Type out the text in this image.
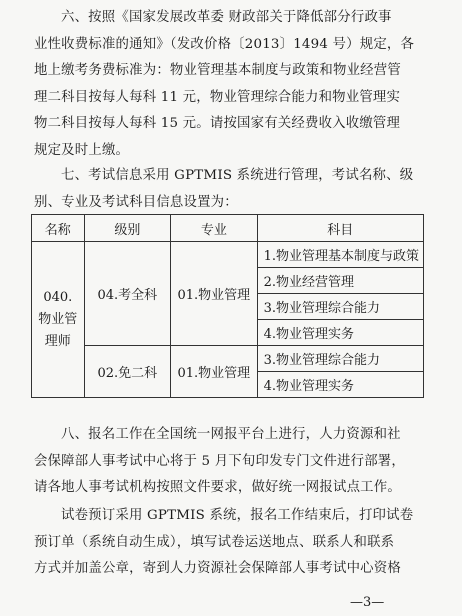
六、按照《国家发展改革委 财政部关于降低部分行政事
业性收费标准的通知》（发改价格〔2013〕1494 号）规定，各
地上缴考务费标准为：物业管理基本制度与政策和物业经营管
理二科目按每人每科 11 元，物业管理综合能力和物业管理实
物二科目按每人每科 15 元。请按国家有关经费收入收缴管理
规定及时上缴。
七、考试信息采用 GPTMIS 系统进行管理，考试名称、级
别、专业及考试科目信息设置为：
名称	级别	专业	科目

040.
物业管
理师	04.考全科	01.物业管理	1.物业管理基本制度与政策
			2.物业经营管理
			3.物业管理综合能力
			4.物业管理实务
	02.免二科	01.物业管理	3.物业管理综合能力
			4.物业管理实务
八、报名工作在全国统一网报平台上进行，人力资源和社
会保障部人事考试中心将于 5 月下旬印发专门文件进行部署，
请各地人事考试机构按照文件要求，做好统一网报试点工作。
试卷预订采用 GPTMIS 系统，报名工作结束后，打印试卷
预订单（系统自动生成），填写试卷运送地点、联系人和联系
方式并加盖公章，寄到人力资源社会保障部人事考试中心资格
—3—
